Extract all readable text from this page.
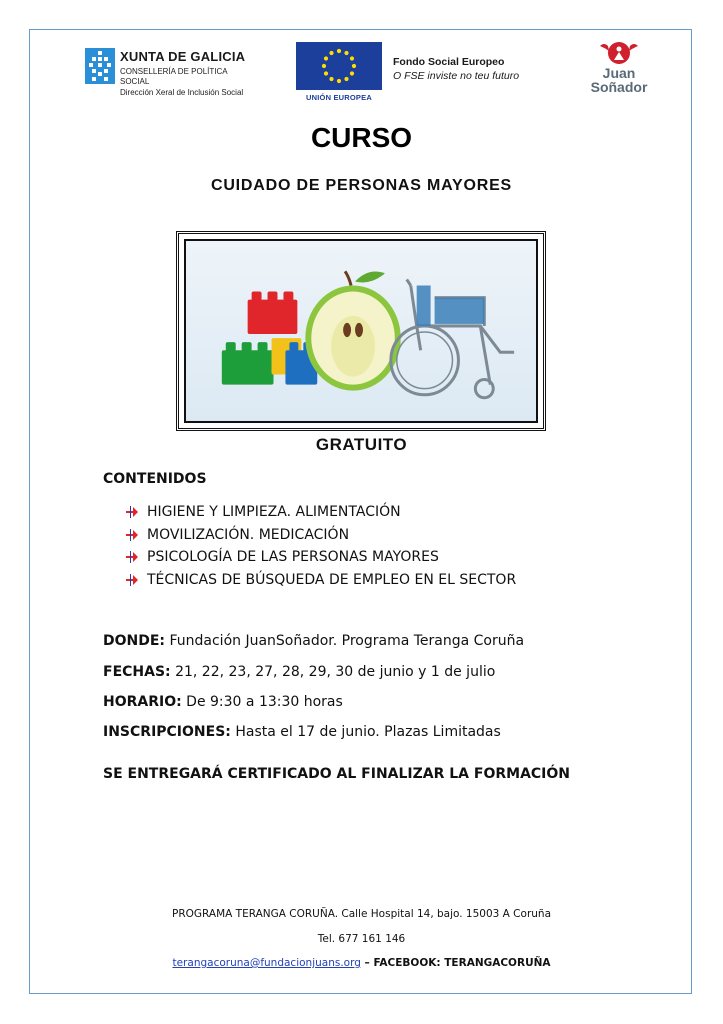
XUNTA DE GALICIA
CONSELLERÍA DE POLÍTICA
SOCIAL
Dirección Xeral de Inclusión Social
UNIÓN EUROPEA
Fondo Social Europeo
O FSE inviste no teu futuro	Juan
Soñador
CURSO
CUIDADO DE PERSONAS MAYORES
GRATUITO
CONTENIDOS
HIGIENE Y LIMPIEZA. ALIMENTACIÓN
MOVILIZACIÓN. MEDICACIÓN
PSICOLOGÍA DE LAS PERSONAS MAYORES
TÉCNICAS DE BÚSQUEDA DE EMPLEO EN EL SECTOR
DONDE: Fundación JuanSoñador. Programa Teranga Coruña
FECHAS: 21, 22, 23, 27, 28, 29, 30 de junio y 1 de julio
HORARIO: De 9:30 a 13:30 horas
INSCRIPCIONES: Hasta el 17 de junio. Plazas Limitadas
SE ENTREGARÁ CERTIFICADO AL FINALIZAR LA FORMACIÓN
PROGRAMA TERANGA CORUÑA. Calle Hospital 14, bajo. 15003 A Coruña
Tel. 677 161 146
terangacoruna@fundacionjuans.org – FACEBOOK: TERANGACORUÑA
